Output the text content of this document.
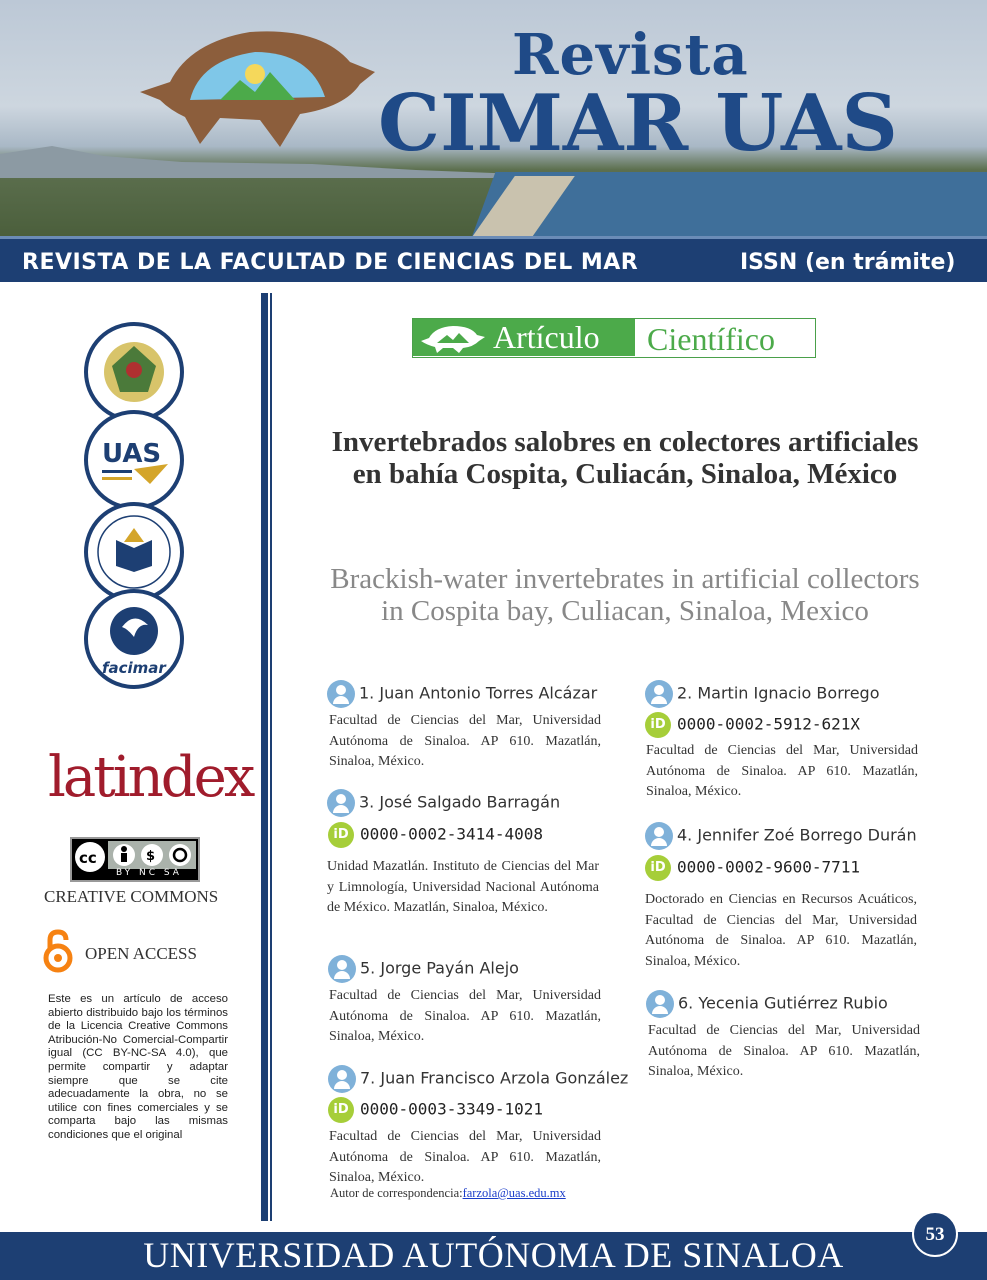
Revista
CIMAR UAS
REVISTA DE LA FACULTAD DE CIENCIAS DEL MAR	ISSN (en trámite)
UAS
facimar
latindex
cc	$
BY NC SA
CREATIVE COMMONS
OPEN ACCESS
Este es un artículo de acceso abierto distribuido bajo los términos de la Licencia Creative Commons Atribución-No Comercial-Compartir igual (CC BY-NC-SA 4.0), que permite compartir y adaptar siempre que se cite adecuadamente la obra, no se utilice con fines comerciales y se comparta bajo las mismas condiciones que el original
Artículo Científico
Invertebrados salobres en colectores artificiales en bahía Cospita, Culiacán, Sinaloa, México
Brackish-water invertebrates in artificial collectors in Cospita bay, Culiacan, Sinaloa, Mexico
1. Juan Antonio Torres Alcázar
Facultad de Ciencias del Mar, Universidad Autónoma de Sinaloa. AP 610. Mazatlán, Sinaloa, México.
3. José Salgado Barragán
iD 0000-0002-3414-4008
Unidad Mazatlán. Instituto de Ciencias del Mar y Limnología, Universidad Nacional Autónoma de México. Mazatlán, Sinaloa, México.
5. Jorge Payán Alejo
Facultad de Ciencias del Mar, Universidad Autónoma de Sinaloa. AP 610. Mazatlán, Sinaloa, México.
7. Juan Francisco Arzola González
iD 0000-0003-3349-1021
Facultad de Ciencias del Mar, Universidad Autónoma de Sinaloa. AP 610. Mazatlán, Sinaloa, México.
Autor de correspondencia:farzola@uas.edu.mx
2. Martin Ignacio Borrego
iD 0000-0002-5912-621X
Facultad de Ciencias del Mar, Universidad Autónoma de Sinaloa. AP 610. Mazatlán, Sinaloa, México.
4. Jennifer Zoé Borrego Durán
iD 0000-0002-9600-7711
Doctorado en Ciencias en Recursos Acuáticos, Facultad de Ciencias del Mar, Universidad Autónoma de Sinaloa. AP 610. Mazatlán, Sinaloa, México.
6. Yecenia Gutiérrez Rubio
Facultad de Ciencias del Mar, Universidad Autónoma de Sinaloa. AP 610. Mazatlán, Sinaloa, México.
UNIVERSIDAD AUTÓNOMA DE SINALOA
53
